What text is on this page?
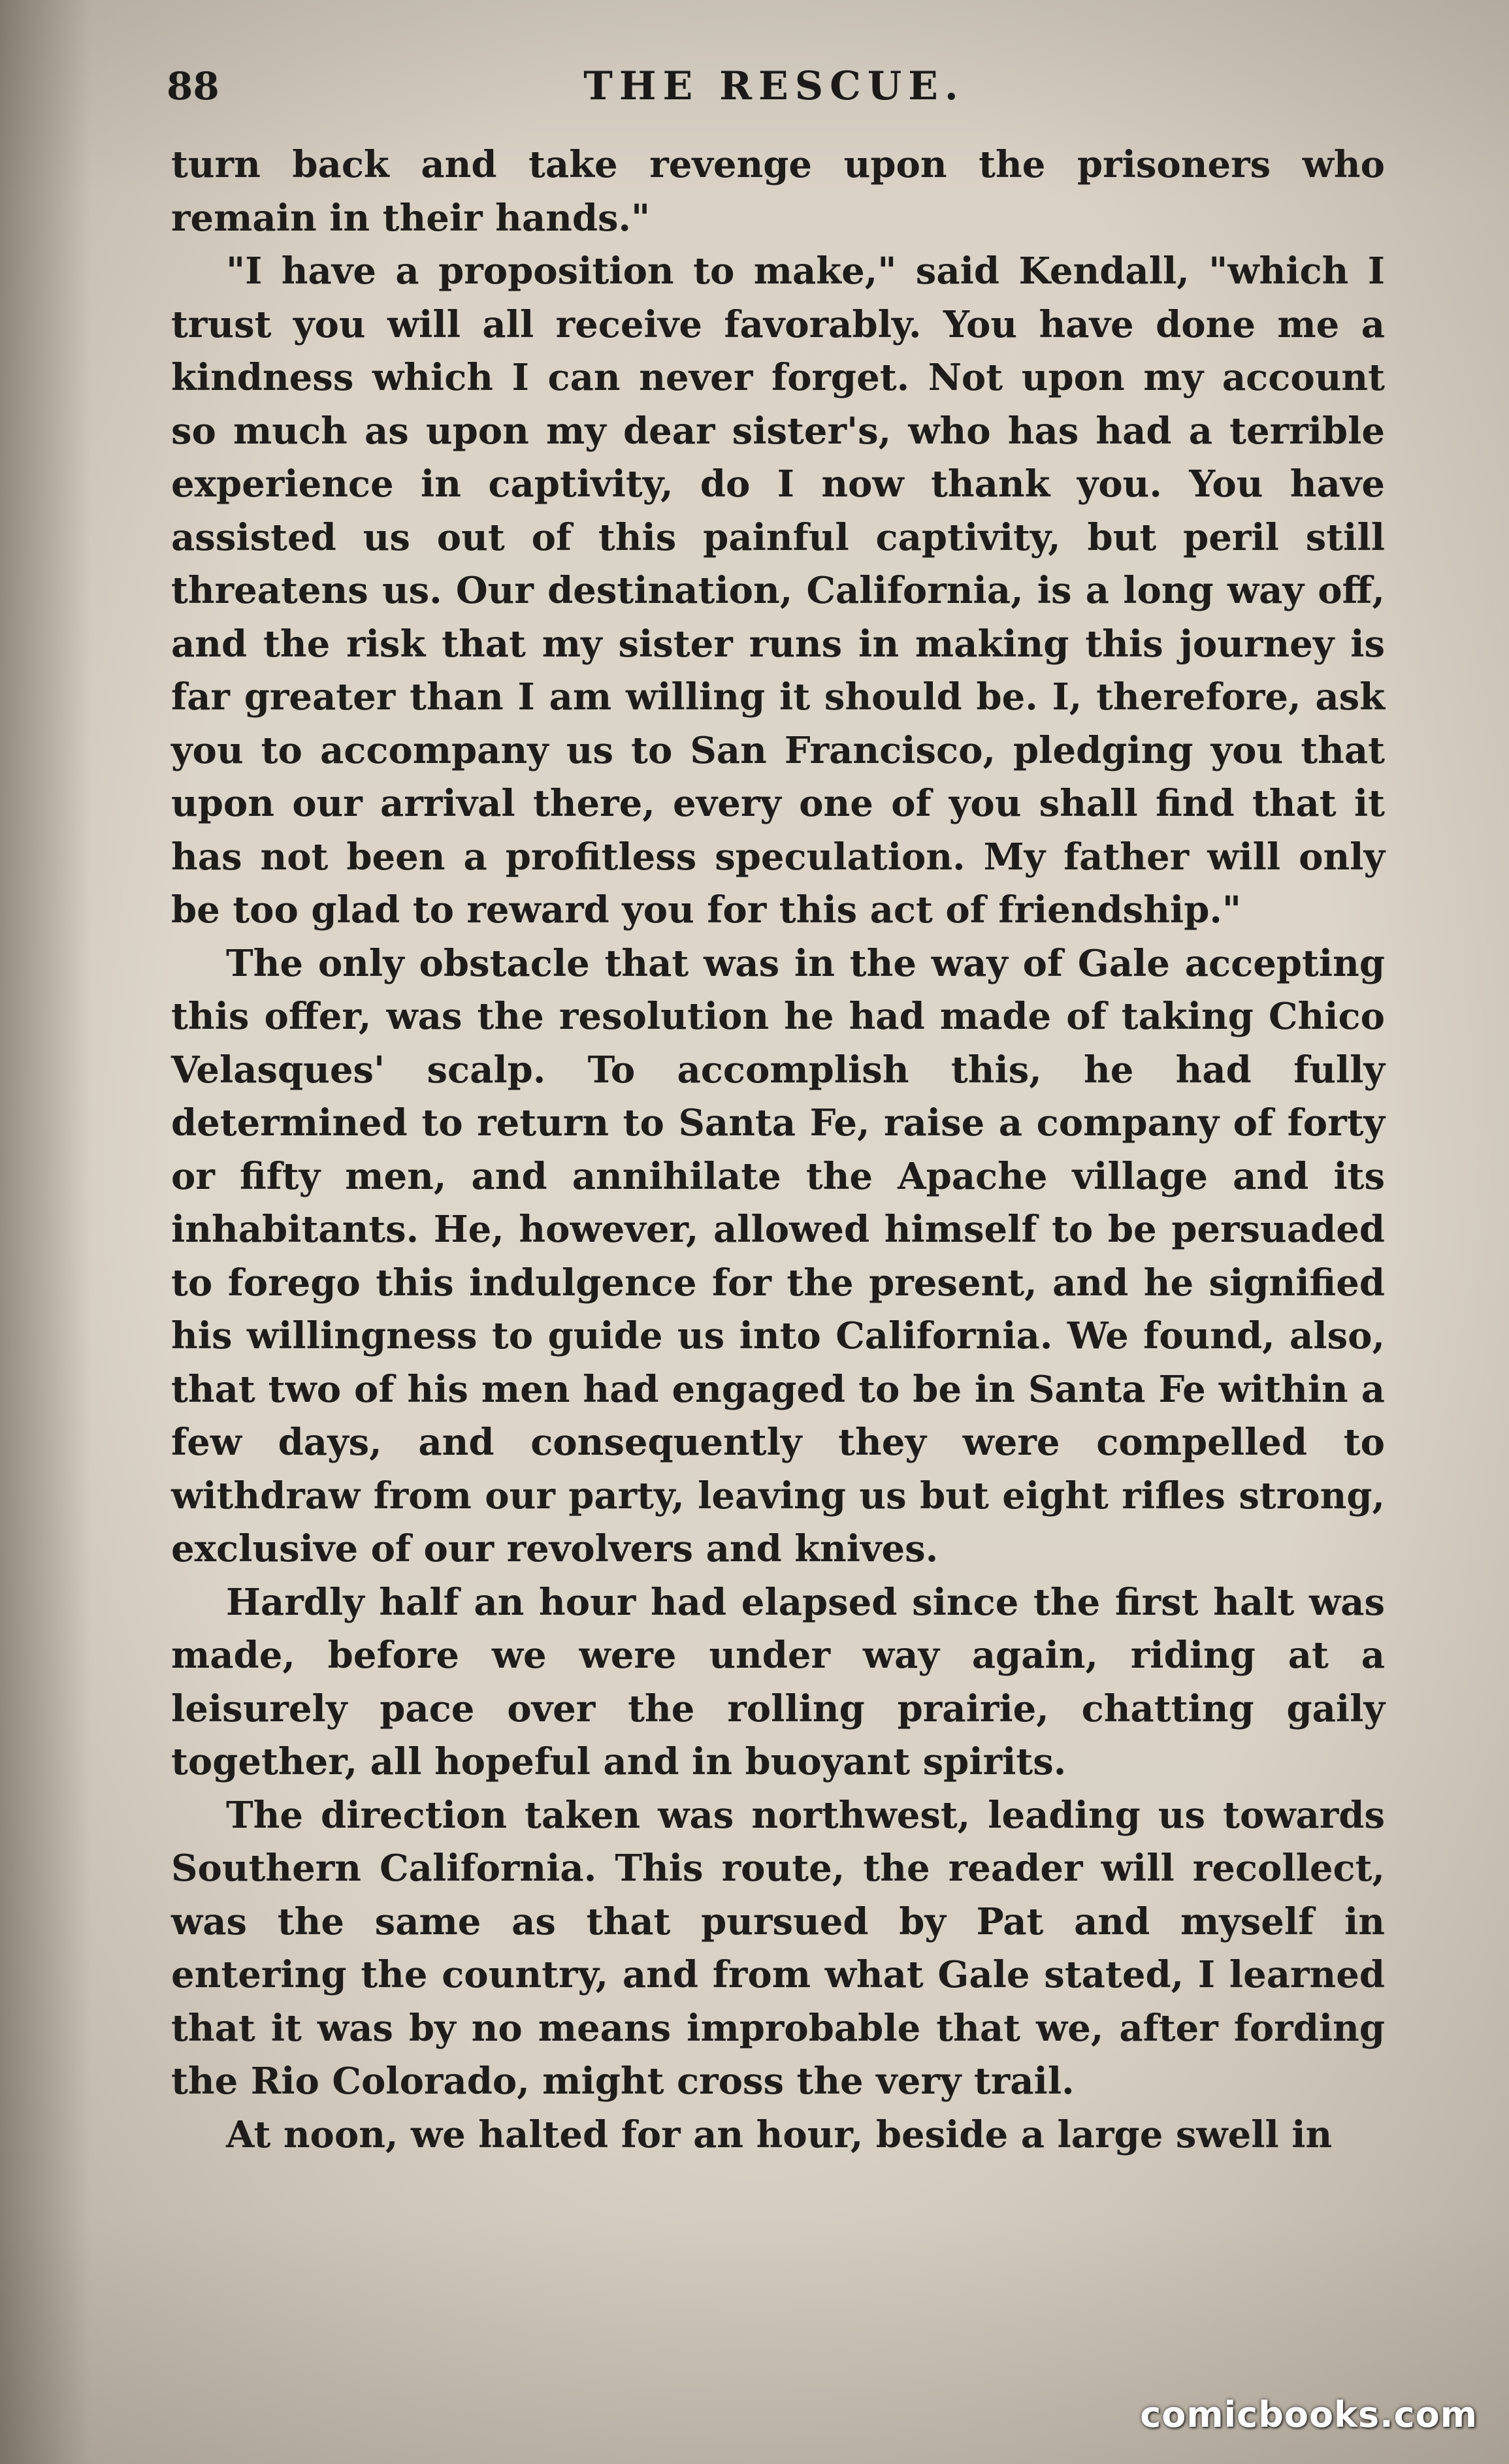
88	THE RESCUE.

turn back and take revenge upon the prisoners who remain in their hands."

"I have a proposition to make," said Kendall, "which I trust you will all receive favorably. You have done me a kindness which I can never forget. Not upon my account so much as upon my dear sister's, who has had a terrible experience in captivity, do I now thank you. You have assisted us out of this painful captivity, but peril still threatens us. Our destination, California, is a long way off, and the risk that my sister runs in making this journey is far greater than I am willing it should be. I, therefore, ask you to accompany us to San Francisco, pledging you that upon our arrival there, every one of you shall find that it has not been a profitless speculation. My father will only be too glad to reward you for this act of friendship."

The only obstacle that was in the way of Gale accepting this offer, was the resolution he had made of taking Chico Velasques' scalp. To accomplish this, he had fully determined to return to Santa Fe, raise a company of forty or fifty men, and annihilate the Apache village and its inhabitants. He, however, allowed himself to be persuaded to forego this indulgence for the present, and he signified his willingness to guide us into California. We found, also, that two of his men had engaged to be in Santa Fe within a few days, and consequently they were compelled to withdraw from our party, leaving us but eight rifles strong, exclusive of our revolvers and knives.

Hardly half an hour had elapsed since the first halt was made, before we were under way again, riding at a leisurely pace over the rolling prairie, chatting gaily together, all hopeful and in buoyant spirits.

The direction taken was northwest, leading us towards Southern California. This route, the reader will recollect, was the same as that pursued by Pat and myself in entering the country, and from what Gale stated, I learned that it was by no means improbable that we, after fording the Rio Colorado, might cross the very trail.

At noon, we halted for an hour, beside a large swell in

comicbooks.com
